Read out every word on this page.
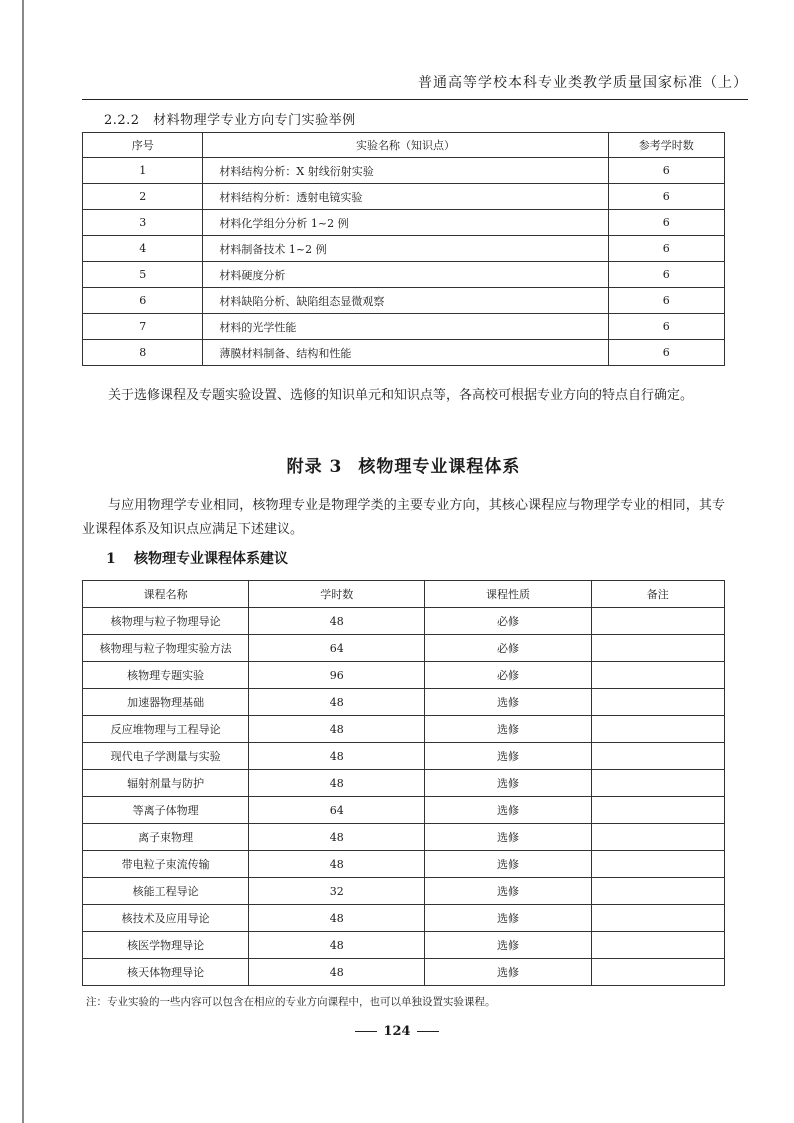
普通高等学校本科专业类教学质量国家标准（上）
2.2.2　材料物理学专业方向专门实验举例
序号	实验名称（知识点）	参考学时数
1	材料结构分析：X 射线衍射实验	6
2	材料结构分析：透射电镜实验	6
3	材料化学组分分析 1~2 例	6
4	材料制备技术 1~2 例	6
5	材料硬度分析	6
6	材料缺陷分析、缺陷组态显微观察	6
7	材料的光学性能	6
8	薄膜材料制备、结构和性能	6
关于选修课程及专题实验设置、选修的知识单元和知识点等，各高校可根据专业方向的特点自行确定。
附录 3 核物理专业课程体系
与应用物理学专业相同，核物理专业是物理学类的主要专业方向，其核心课程应与物理学专业的相同，其专业课程体系及知识点应满足下述建议。
1 核物理专业课程体系建议
课程名称	学时数	课程性质	备注
核物理与粒子物理导论	48	必修	
核物理与粒子物理实验方法	64	必修	
核物理专题实验	96	必修	
加速器物理基础	48	选修	
反应堆物理与工程导论	48	选修	
现代电子学测量与实验	48	选修	
辐射剂量与防护	48	选修	
等离子体物理	64	选修	
离子束物理	48	选修	
带电粒子束流传输	48	选修	
核能工程导论	32	选修	
核技术及应用导论	48	选修	
核医学物理导论	48	选修	
核天体物理导论	48	选修	
注：专业实验的一些内容可以包含在相应的专业方向课程中，也可以单独设置实验课程。
124
